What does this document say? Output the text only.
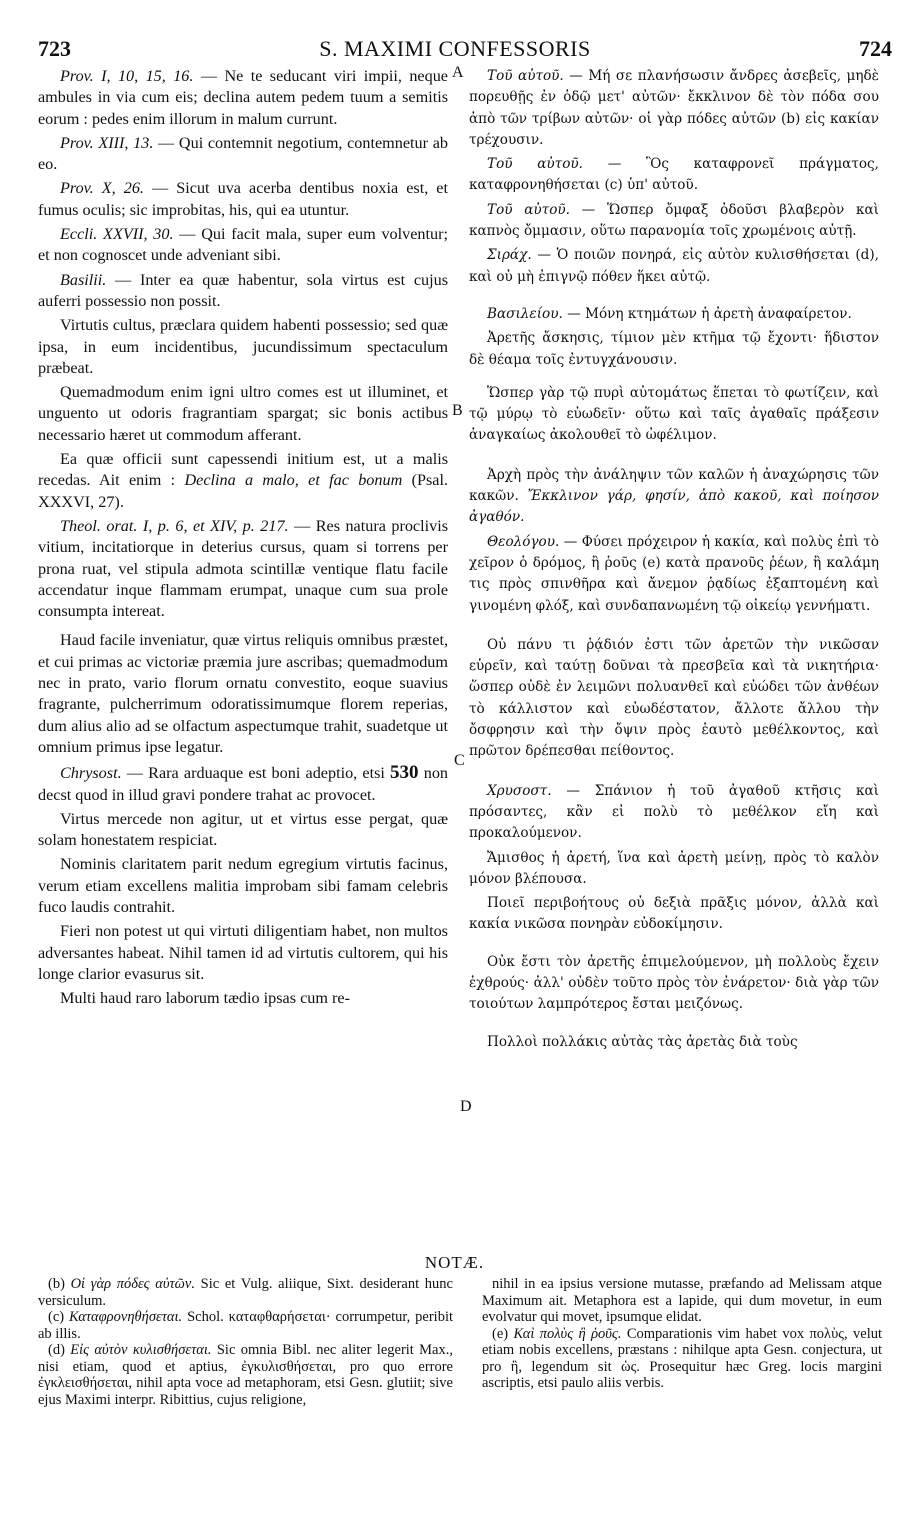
723	S. MAXIMI CONFESSORIS	724
Prov. I, 10, 15, 16. — Ne te seducant viri impii, neque ambules in via cum eis; declina autem pedem tuum a semitis eorum : pedes enim illorum in malum currunt.
Prov. XIII, 13. — Qui contemnit negotium, contemnetur ab eo.
Prov. X, 26. — Sicut uva acerba dentibus noxia est, et fumus oculis; sic improbitas, his, qui ea utuntur.
Eccli. XXVII, 30. — Qui facit mala, super eum volventur; et non cognoscet unde adveniant sibi.
Basilii. — Inter ea quæ habentur, sola virtus est cujus auferri possessio non possit.
Virtutis cultus, præclara quidem habenti possessio; sed quæ ipsa, in eum incidentibus, jucundissimum spectaculum præbeat.
Quemadmodum enim igni ultro comes est ut illuminet, et unguento ut odoris fragrantiam spargat; sic bonis actibus necessario hæret ut commodum afferant.
Ea quæ officii sunt capessendi initium est, ut a malis recedas. Ait enim : Declina a malo, et fac bonum (Psal. XXXVI, 27).
Theol. orat. I, p. 6, et XIV, p. 217. — Res natura proclivis vitium, incitatiorque in deterius cursus, quam si torrens per prona ruat, vel stipula admota scintillæ ventique flatu facile accendatur inque flammam erumpat, unaque cum sua prole consumpta intereat.
Haud facile inveniatur, quæ virtus reliquis omnibus præstet, et cui primas ac victoriæ præmia jure ascribas; quemadmodum nec in prato, vario florum ornatu convestito, eoque suavius fragrante, pulcherrimum odoratissimumque florem reperias, dum alius alio ad se olfactum aspectumque trahit, suadetque ut omnium primus ipse legatur.
Chrysost. — Rara arduaque est boni adeptio, etsi 530 non decst quod in illud gravi pondere trahat ac provocet.
Virtus mercede non agitur, ut et virtus esse pergat, quæ solam honestatem respiciat.
Nominis claritatem parit nedum egregium virtutis facinus, verum etiam excellens malitia improbam sibi famam celebris fuco laudis contrahit.
Fieri non potest ut qui virtuti diligentiam habet, non multos adversantes habeat. Nihil tamen id ad virtutis cultorem, qui his longe clarior evasurus sit.
Multi haud raro laborum tædio ipsas cum re-
Τοῦ αὐτοῦ. — Μή σε πλανήσωσιν ἄνδρες ἀσεβεῖς, μηδὲ πορευθῇς ἐν ὁδῷ μετ' αὐτῶν· ἔκκλινον δὲ τὸν πόδα σου ἀπὸ τῶν τρίβων αὐτῶν· οἱ γὰρ πόδες αὐτῶν (b) εἰς κακίαν τρέχουσιν.
Τοῦ αὐτοῦ. — Ὃς καταφρονεῖ πράγματος, καταφρονηθήσεται (c) ὑπ' αὐτοῦ.
Τοῦ αὐτοῦ. — Ὥσπερ ὄμφαξ ὀδοῦσι βλαβερὸν καὶ καπνὸς ὄμμασιν, οὕτω παρανομία τοῖς χρωμένοις αὐτῇ.
Σιράχ. — Ὁ ποιῶν πονηρά, εἰς αὐτὸν κυλισθήσεται (d), καὶ οὐ μὴ ἐπιγνῷ πόθεν ἥκει αὐτῷ.
Βασιλείου. — Μόνη κτημάτων ἡ ἀρετὴ ἀναφαίρετον.
Ἀρετῆς ἄσκησις, τίμιον μὲν κτῆμα τῷ ἔχοντι· ἥδιστον δὲ θέαμα τοῖς ἐντυγχάνουσιν.
Ὥσπερ γὰρ τῷ πυρὶ αὐτομάτως ἕπεται τὸ φωτίζειν, καὶ τῷ μύρῳ τὸ εὐωδεῖν· οὕτω καὶ ταῖς ἀγαθαῖς πράξεσιν ἀναγκαίως ἀκολουθεῖ τὸ ὠφέλιμον.
Ἀρχὴ πρὸς τὴν ἀνάληψιν τῶν καλῶν ἡ ἀναχώρησις τῶν κακῶν. Ἔκκλινον γάρ, φησίν, ἀπὸ κακοῦ, καὶ ποίησον ἀγαθόν.
Θεολόγου. — Φύσει πρόχειρον ἡ κακία, καὶ πολὺς ἐπὶ τὸ χεῖρον ὁ δρόμος, ἢ ῥοῦς (e) κατὰ πρανοῦς ῥέων, ἢ καλάμη τις πρὸς σπινθῆρα καὶ ἄνεμον ῥᾳδίως ἐξαπτομένη καὶ γινομένη φλόξ, καὶ συνδαπανωμένη τῷ οἰκείῳ γεννήματι.
Οὐ πάνυ τι ῥᾴδιόν ἐστι τῶν ἀρετῶν τὴν νικῶσαν εὑρεῖν, καὶ ταύτῃ δοῦναι τὰ πρεσβεῖα καὶ τὰ νικητήρια· ὥσπερ οὐδὲ ἐν λειμῶνι πολυανθεῖ καὶ εὐώδει τῶν ἀνθέων τὸ κάλλιστον καὶ εὐωδέστατον, ἄλλοτε ἄλλου τὴν ὄσφρησιν καὶ τὴν ὄψιν πρὸς ἑαυτὸ μεθέλκοντος, καὶ πρῶτον δρέπεσθαι πείθοντος.
Χρυσοστ. — Σπάνιον ἡ τοῦ ἀγαθοῦ κτῆσις καὶ πρόσαντες, κἂν εἰ πολὺ τὸ μεθέλκον εἴη καὶ προκαλούμενον.
Ἄμισθος ἡ ἀρετή, ἵνα καὶ ἀρετὴ μείνῃ, πρὸς τὸ καλὸν μόνον βλέπουσα.
Ποιεῖ περιβοήτους οὐ δεξιὰ πρᾶξις μόνον, ἀλλὰ καὶ κακία νικῶσα πονηρὰν εὐδοκίμησιν.
Οὐκ ἔστι τὸν ἀρετῆς ἐπιμελούμενον, μὴ πολλοὺς ἔχειν ἐχθρούς· ἀλλ' οὐδὲν τοῦτο πρὸς τὸν ἐνάρετον· διὰ γὰρ τῶν τοιούτων λαμπρότερος ἔσται μειζόνως.
Πολλοὶ πολλάκις αὐτὰς τὰς ἀρετὰς διὰ τοὺς
A
B
C
D
NOTÆ.

(b) Οἱ γὰρ πόδες αὐτῶν. Sic et Vulg. aliique, Sixt. desiderant hunc versiculum.

(c) Καταφρονηθήσεται. Schol. καταφθαρήσεται· corrumpetur, peribit ab illis.

(d) Εἰς αὐτὸν κυλισθήσεται. Sic omnia Bibl. nec aliter legerit Max., nisi etiam, quod et aptius, ἐγκυλισθήσεται, pro quo errore ἐγκλεισθήσεται, nihil apta voce ad metaphoram, etsi Gesn. glutiit; sive ejus Maximi interpr. Ribittius, cujus religione,

nihil in ea ipsius versione mutasse, præfando ad Melissam atque Maximum ait. Metaphora est a lapide, qui dum movetur, in eum evolvatur qui movet, ipsumque elidat.

(e) Καὶ πολὺς ἢ ῥοῦς. Comparationis vim habet vox πολὺς, velut etiam nobis excellens, præstans : nihilque apta Gesn. conjectura, ut pro ἢ, legendum sit ὡς. Prosequitur hæc Greg. locis margini ascriptis, etsi paulo aliis verbis.
